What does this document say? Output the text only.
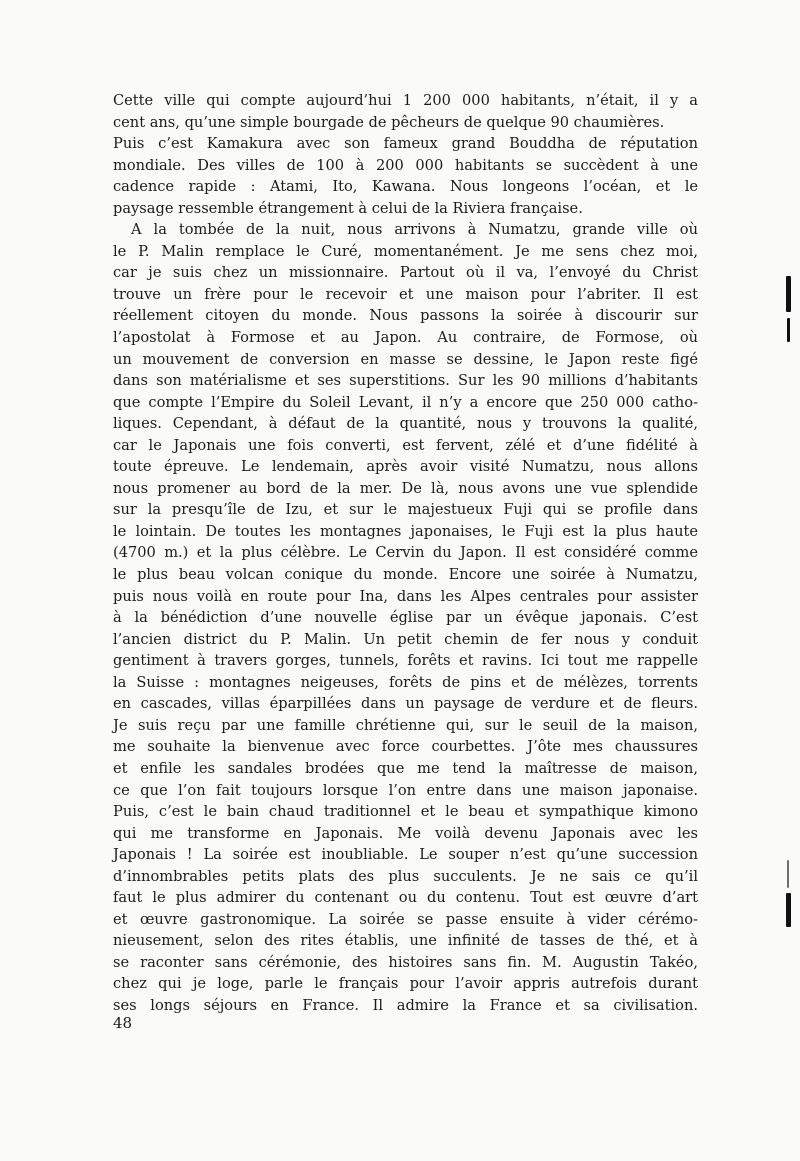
Cette ville qui compte aujourd’hui 1 200 000 habitants, n’était, il y a
cent ans, qu’une simple bourgade de pêcheurs de quelque 90 chaumières.
Puis c’est Kamakura avec son fameux grand Bouddha de réputation
mondiale. Des villes de 100 à 200 000 habitants se succèdent à une
cadence rapide : Atami, Ito, Kawana. Nous longeons l’océan, et le
paysage ressemble étrangement à celui de la Riviera française.
A la tombée de la nuit, nous arrivons à Numatzu, grande ville où
le P. Malin remplace le Curé, momentanément. Je me sens chez moi,
car je suis chez un missionnaire. Partout où il va, l’envoyé du Christ
trouve un frère pour le recevoir et une maison pour l’abriter. Il est
réellement citoyen du monde. Nous passons la soirée à discourir sur
l’apostolat à Formose et au Japon. Au contraire, de Formose, où
un mouvement de conversion en masse se dessine, le Japon reste figé
dans son matérialisme et ses superstitions. Sur les 90 millions d’habitants
que compte l’Empire du Soleil Levant, il n’y a encore que 250 000 catho-
liques. Cependant, à défaut de la quantité, nous y trouvons la qualité,
car le Japonais une fois converti, est fervent, zélé et d’une fidélité à
toute épreuve. Le lendemain, après avoir visité Numatzu, nous allons
nous promener au bord de la mer. De là, nous avons une vue splendide
sur la presqu’île de Izu, et sur le majestueux Fuji qui se profile dans
le lointain. De toutes les montagnes japonaises, le Fuji est la plus haute
(4700 m.) et la plus célèbre. Le Cervin du Japon. Il est considéré comme
le plus beau volcan conique du monde. Encore une soirée à Numatzu,
puis nous voilà en route pour Ina, dans les Alpes centrales pour assister
à la bénédiction d’une nouvelle église par un évêque japonais. C’est
l’ancien district du P. Malin. Un petit chemin de fer nous y conduit
gentiment à travers gorges, tunnels, forêts et ravins. Ici tout me rappelle
la Suisse : montagnes neigeuses, forêts de pins et de mélèzes, torrents
en cascades, villas éparpillées dans un paysage de verdure et de fleurs.
Je suis reçu par une famille chrétienne qui, sur le seuil de la maison,
me souhaite la bienvenue avec force courbettes. J’ôte mes chaussures
et enfile les sandales brodées que me tend la maîtresse de maison,
ce que l’on fait toujours lorsque l’on entre dans une maison japonaise.
Puis, c’est le bain chaud traditionnel et le beau et sympathique kimono
qui me transforme en Japonais. Me voilà devenu Japonais avec les
Japonais ! La soirée est inoubliable. Le souper n’est qu’une succession
d’innombrables petits plats des plus succulents. Je ne sais ce qu’il
faut le plus admirer du contenant ou du contenu. Tout est œuvre d’art
et œuvre gastronomique. La soirée se passe ensuite à vider cérémo-
nieusement, selon des rites établis, une infinité de tasses de thé, et à
se raconter sans cérémonie, des histoires sans fin. M. Augustin Takéo,
chez qui je loge, parle le français pour l’avoir appris autrefois durant
ses longs séjours en France. Il admire la France et sa civilisation.
48
